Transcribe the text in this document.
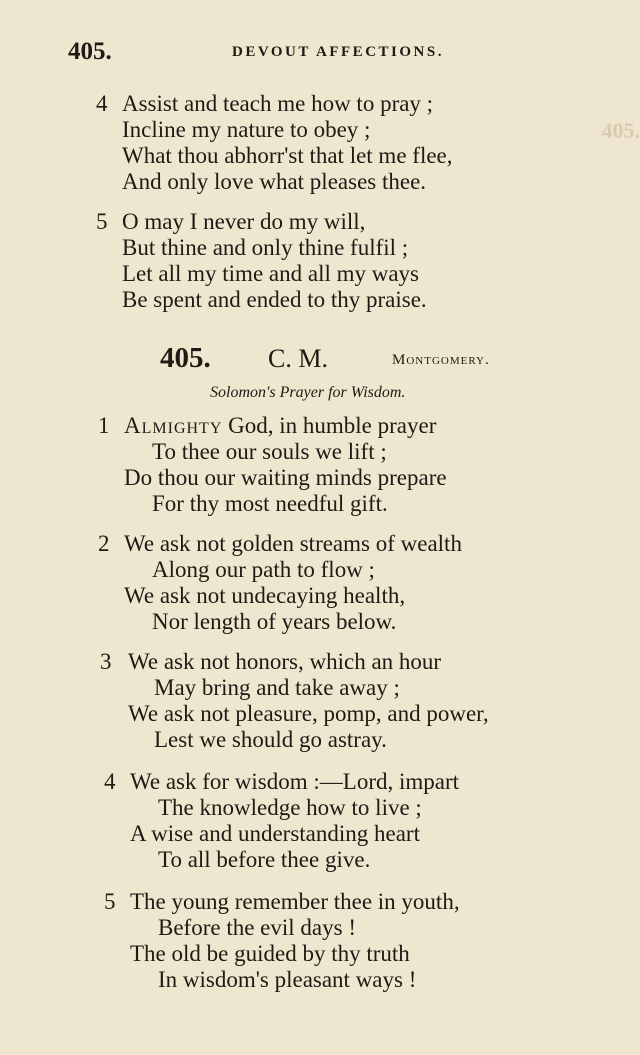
405.
405.	DEVOUT AFFECTIONS.
4 Assist and teach me how to pray ;
Incline my nature to obey ;
What thou abhorr'st that let me flee,
And only love what pleases thee.
5 O may I never do my will,
But thine and only thine fulfil ;
Let all my time and all my ways
Be spent and ended to thy praise.
405. C. M.	Montgomery.
Solomon's Prayer for Wisdom.
1 Almighty God, in humble prayer
To thee our souls we lift ;
Do thou our waiting minds prepare
For thy most needful gift.
2 We ask not golden streams of wealth
Along our path to flow ;
We ask not undecaying health,
Nor length of years below.
3 We ask not honors, which an hour
May bring and take away ;
We ask not pleasure, pomp, and power,
Lest we should go astray.
4 We ask for wisdom :—Lord, impart
The knowledge how to live ;
A wise and understanding heart
To all before thee give.
5 The young remember thee in youth,
Before the evil days !
The old be guided by thy truth
In wisdom's pleasant ways !
